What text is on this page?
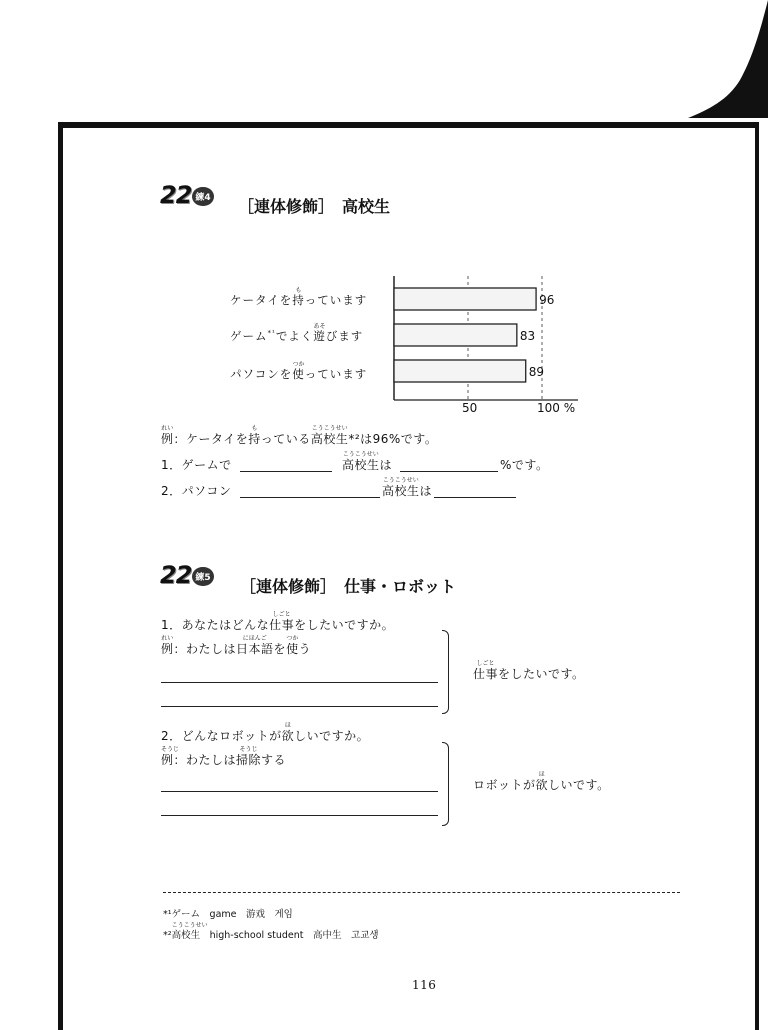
22 練4 ［連体修飾］　高校生
96
83
89
50	100 %
ケータイを持
も
っています
ゲーム$^{*^1}$でよく遊
あそ
びます
パソコンを使
つか
っています
例
れい
：ケータイを持
も
っている高校生
こうこうせい
*²は96%です。
1．ゲームで	高校生
こうこうせい
は	%です。
2．パソコン	高校生
こうこうせい
は
22 練5 ［連体修飾］　仕事・ロボット
1．あなたはどんな仕事
しごと
をしたいですか。
例
れい
：わたしは日本語
にほんご
を使
つか
う
仕事
しごと
をしたいです。
2．どんなロボットが欲
ほ
しいですか。
例
そうじ
：わたしは掃除
そうじ
する
ロボットが欲
ほ
しいです。
*¹ゲーム　game　游戏　게임
*²高校生
こうこうせい
　high-school student　高中生　고교생
116
